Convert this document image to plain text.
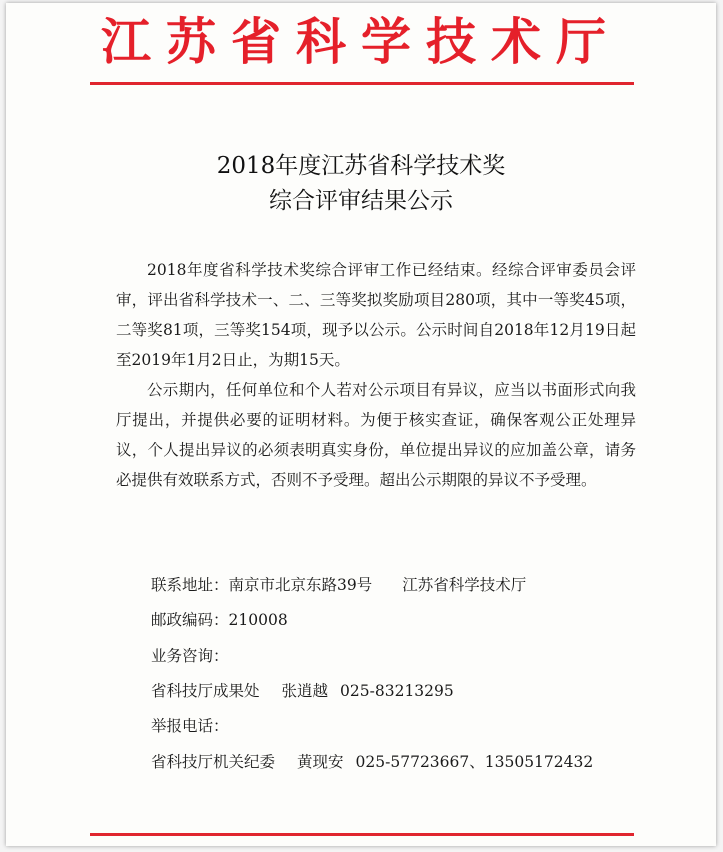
江苏省科学技术厅
2018年度江苏省科学技术奖
综合评审结果公示

2018年度省科学技术奖综合评审工作已经结束。经综合评审委员会评审，评出省科学技术一、二、三等奖拟奖励项目280项，其中一等奖45项，二等奖81项，三等奖154项，现予以公示。公示时间自2018年12月19日起至2019年1月2日止，为期15天。

公示期内，任何单位和个人若对公示项目有异议，应当以书面形式向我厅提出，并提供必要的证明材料。为便于核实查证，确保客观公正处理异议，个人提出异议的必须表明真实身份，单位提出异议的应加盖公章，请务必提供有效联系方式，否则不予受理。超出公示期限的异议不予受理。

联系地址：南京市北京东路39号 江苏省科学技术厅
邮政编码：210008
业务咨询：
省科技厅成果处 张逍越 025-83213295
举报电话：
省科技厅机关纪委 黄现安 025-57723667、13505172432
